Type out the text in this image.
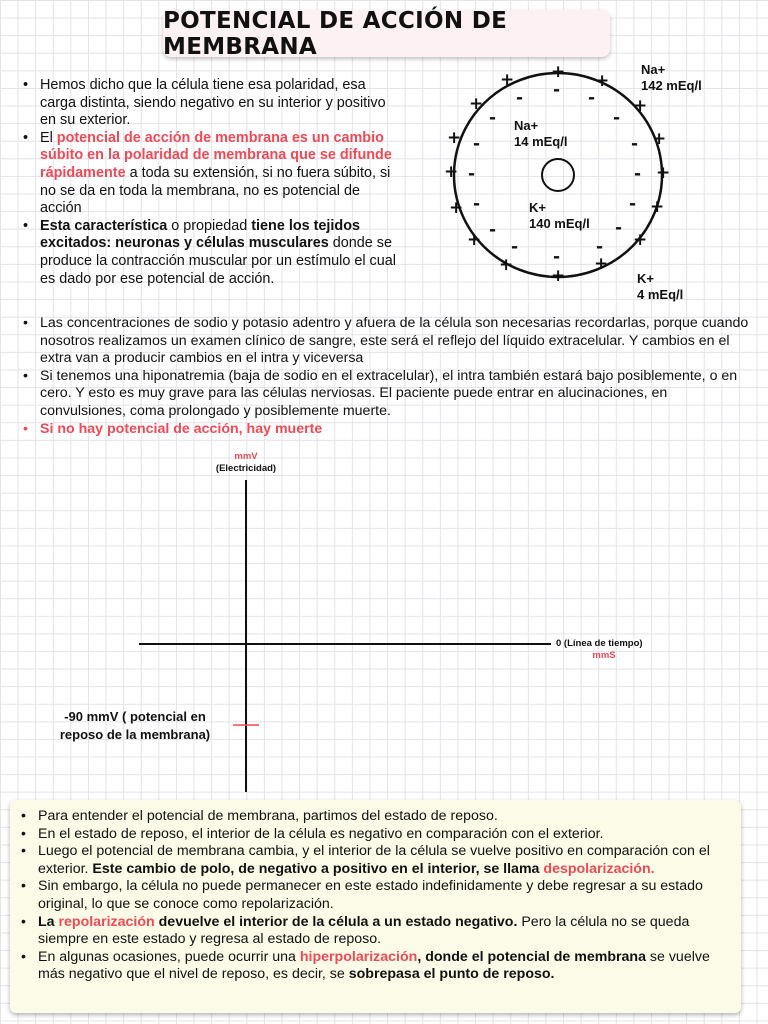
POTENCIAL DE ACCIÓN DE MEMBRANA
• Hemos dicho que la célula tiene esa polaridad, esa carga distinta, siendo negativo en su interior y positivo en su exterior.
• El potencial de acción de membrana es un cambio súbito en la polaridad de membrana que se difunde rápidamente a toda su extensión, si no fuera súbito, si no se da en toda la membrana, no es potencial de acción
• Esta característica o propiedad tiene los tejidos excitados: neuronas y células musculares donde se produce la contracción muscular por un estímulo el cual es dado por ese potencial de acción.
Na+
142 mEq/l
Na+
14 mEq/l
K+
140 mEq/l
K+
4 mEq/l
+
+	+
+	+
+	+
+	+
+	+
+	+
+	+
+
-
-	-
-	-
-	-
-	-
-	-
-	-
-	-
-
• Las concentraciones de sodio y potasio adentro y afuera de la célula son necesarias recordarlas, porque cuando nosotros realizamos un examen clínico de sangre, este será el reflejo del líquido extracelular. Y cambios en el extra van a producir cambios en el intra y viceversa
• Si tenemos una hiponatremia (baja de sodio en el extracelular), el intra también estará bajo posiblemente, o en cero. Y esto es muy grave para las células nerviosas. El paciente puede entrar en alucinaciones, en convulsiones, coma prolongado y posiblemente muerte.
• Si no hay potencial de acción, hay muerte
mmV
(Electricidad)
0 (Línea de tiempo)
mmS
-90 mmV ( potencial en reposo de la membrana)
• Para entender el potencial de membrana, partimos del estado de reposo.
• En el estado de reposo, el interior de la célula es negativo en comparación con el exterior.
• Luego el potencial de membrana cambia, y el interior de la célula se vuelve positivo en comparación con el exterior. Este cambio de polo, de negativo a positivo en el interior, se llama despolarización.
• Sin embargo, la célula no puede permanecer en este estado indefinidamente y debe regresar a su estado original, lo que se conoce como repolarización.
• La repolarización devuelve el interior de la célula a un estado negativo. Pero la célula no se queda siempre en este estado y regresa al estado de reposo.
• En algunas ocasiones, puede ocurrir una hiperpolarización, donde el potencial de membrana se vuelve más negativo que el nivel de reposo, es decir, se sobrepasa el punto de reposo.
